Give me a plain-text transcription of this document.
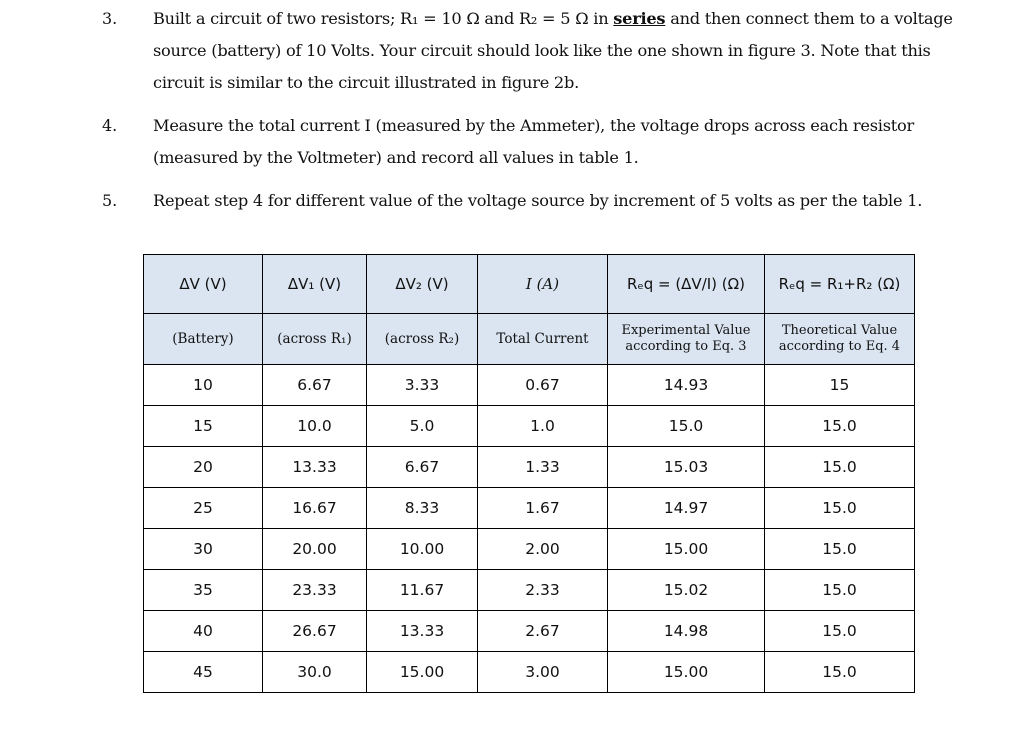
3. Built a circuit of two resistors; R₁ = 10 Ω and R₂ = 5 Ω in series and then connect them to a voltage
source (battery) of 10 Volts. Your circuit should look like the one shown in figure 3. Note that this
circuit is similar to the circuit illustrated in figure 2b.
4. Measure the total current I (measured by the Ammeter), the voltage drops across each resistor
(measured by the Voltmeter) and record all values in table 1.
5. Repeat step 4 for different value of the voltage source by increment of 5 volts as per the table 1.
ΔV (V)	ΔV₁ (V)	ΔV₂ (V)	I (A)	Rₑq = (ΔV/I) (Ω)	Rₑq = R₁+R₂ (Ω)
(Battery)	(across R₁)	(across R₂)	Total Current	Experimental Value according to Eq. 3	Theoretical Value according to Eq. 4
10	6.67	3.33	0.67	14.93	15
15	10.0	5.0	1.0	15.0	15.0
20	13.33	6.67	1.33	15.03	15.0
25	16.67	8.33	1.67	14.97	15.0
30	20.00	10.00	2.00	15.00	15.0
35	23.33	11.67	2.33	15.02	15.0
40	26.67	13.33	2.67	14.98	15.0
45	30.0	15.00	3.00	15.00	15.0
